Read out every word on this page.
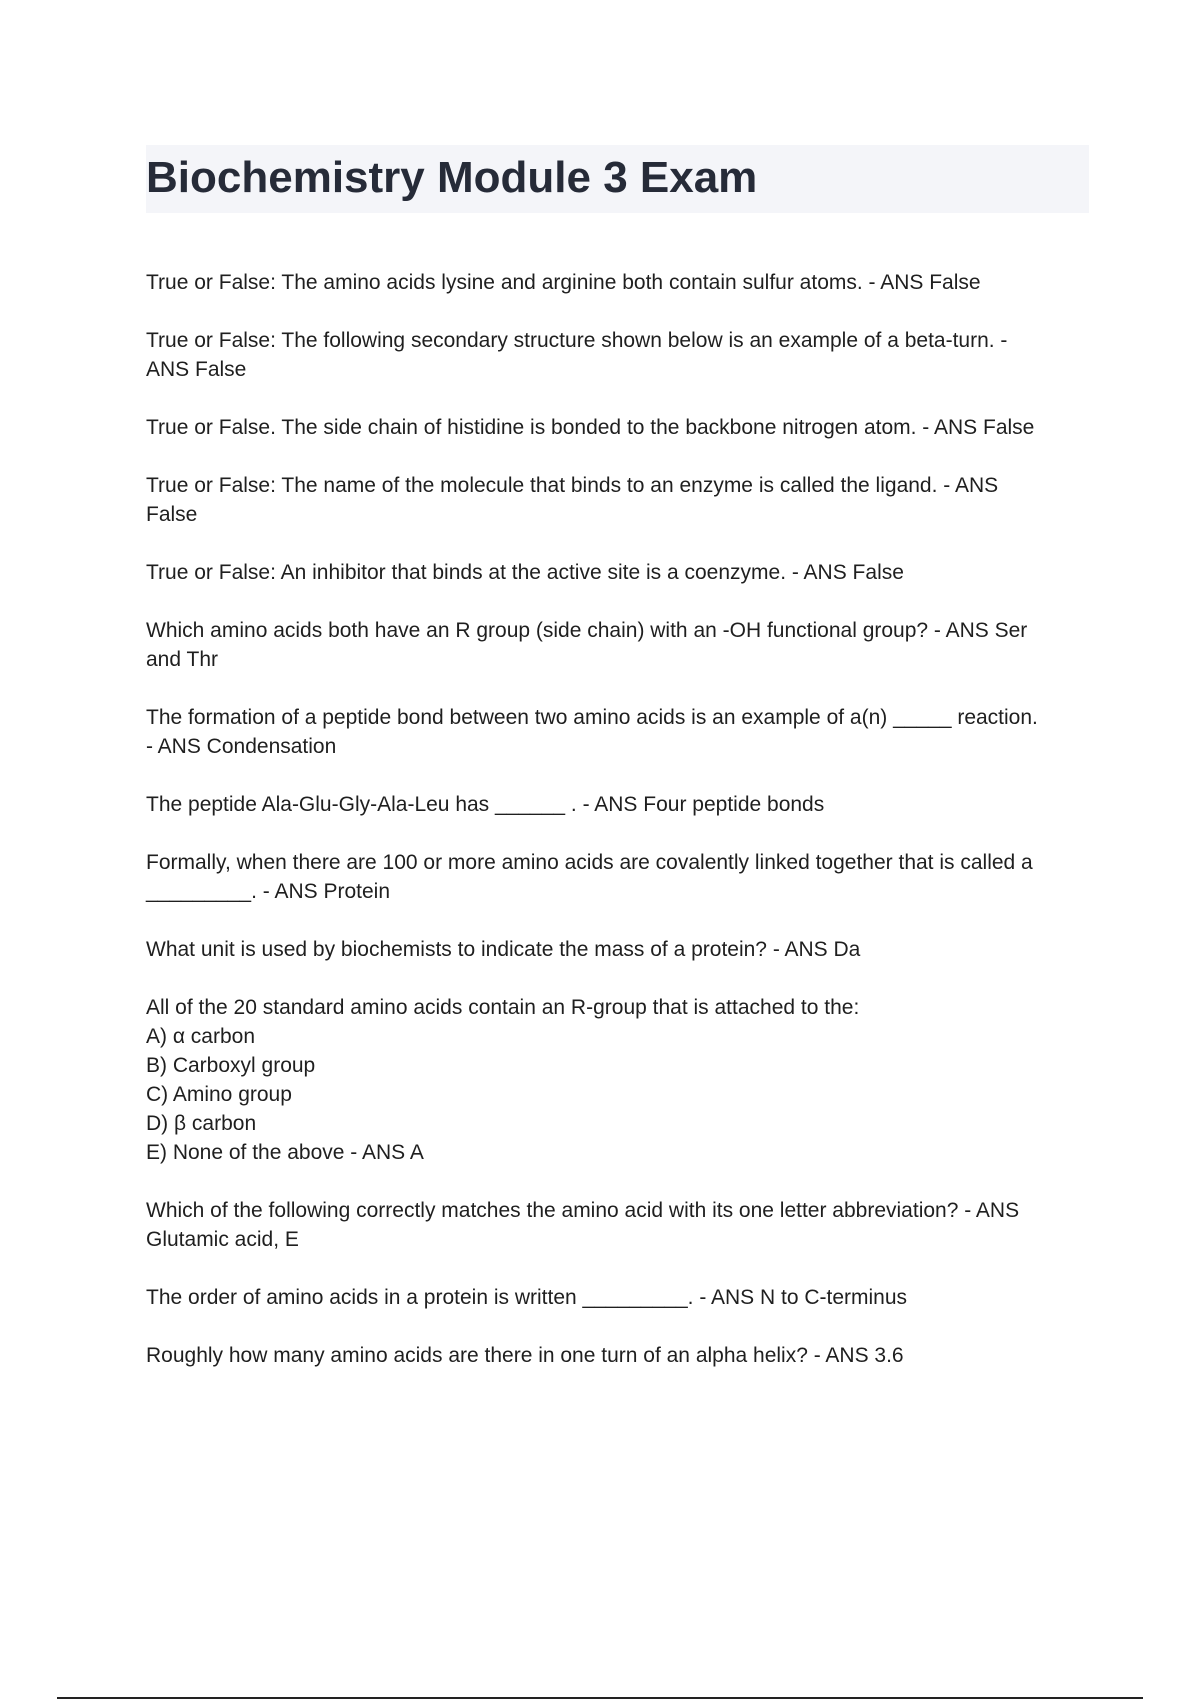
Biochemistry Module 3 Exam

True or False: The amino acids lysine and arginine both contain sulfur atoms. - ANS False

True or False: The following secondary structure shown below is an example of a beta-turn. -
ANS False

True or False. The side chain of histidine is bonded to the backbone nitrogen atom. - ANS False

True or False: The name of the molecule that binds to an enzyme is called the ligand. - ANS
False

True or False: An inhibitor that binds at the active site is a coenzyme. - ANS False

Which amino acids both have an R group (side chain) with an -OH functional group? - ANS Ser
and Thr

The formation of a peptide bond between two amino acids is an example of a(n) _____ reaction.
- ANS Condensation

The peptide Ala-Glu-Gly-Ala-Leu has ______ . - ANS Four peptide bonds

Formally, when there are 100 or more amino acids are covalently linked together that is called a
_________. - ANS Protein

What unit is used by biochemists to indicate the mass of a protein? - ANS Da

All of the 20 standard amino acids contain an R-group that is attached to the:
A) α carbon
B) Carboxyl group
C) Amino group
D) β carbon
E) None of the above - ANS A

Which of the following correctly matches the amino acid with its one letter abbreviation? - ANS
Glutamic acid, E

The order of amino acids in a protein is written _________. - ANS N to C-terminus

Roughly how many amino acids are there in one turn of an alpha helix? - ANS 3.6
